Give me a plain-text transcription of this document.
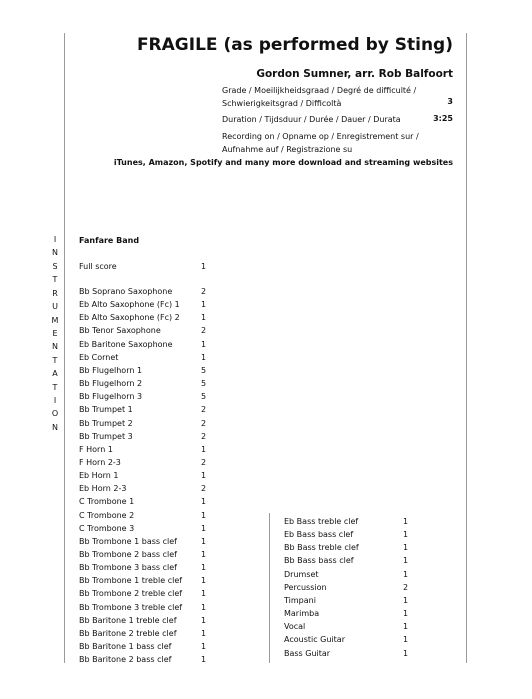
FRAGILE (as performed by Sting)
Gordon Sumner, arr. Rob Balfoort
Grade / Moeilijkheidsgraad / Degré de difficulté /
Schwierigkeitsgrad / Difficoltà	3
Duration / Tijdsduur / Durée / Dauer / Durata	3:25
Recording on / Opname op / Enregistrement sur /
Aufnahme auf / Registrazione su
iTunes, Amazon, Spotify and many more download and streaming websites
I
N
S
T
R
U
M
E
N
T
A
T
I
O
N
Fanfare Band
Full score	1
Bb Soprano Saxophone	2
Eb Alto Saxophone (Fc) 1	1
Eb Alto Saxophone (Fc) 2	1
Bb Tenor Saxophone	2
Eb Baritone Saxophone	1
Eb Cornet	1
Bb Flugelhorn 1	5
Bb Flugelhorn 2	5
Bb Flugelhorn 3	5
Bb Trumpet 1	2
Bb Trumpet 2	2
Bb Trumpet 3	2
F Horn 1	1
F Horn 2-3	2
Eb Horn 1	1
Eb Horn 2-3	2
C Trombone 1	1
C Trombone 2	1
C Trombone 3	1
Bb Trombone 1 bass clef	1
Bb Trombone 2 bass clef	1
Bb Trombone 3 bass clef	1
Bb Trombone 1 treble clef 1
Bb Trombone 2 treble clef 1
Bb Trombone 3 treble clef 1
Bb Baritone 1 treble clef	1
Bb Baritone 2 treble clef	1
Bb Baritone 1 bass clef	1
Bb Baritone 2 bass clef	1
Eb Bass treble clef	1
Eb Bass bass clef	1
Bb Bass treble clef	1
Bb Bass bass clef	1
Drumset	1
Percussion	2
Timpani	1
Marimba	1
Vocal	1
Acoustic Guitar	1
Bass Guitar	1
